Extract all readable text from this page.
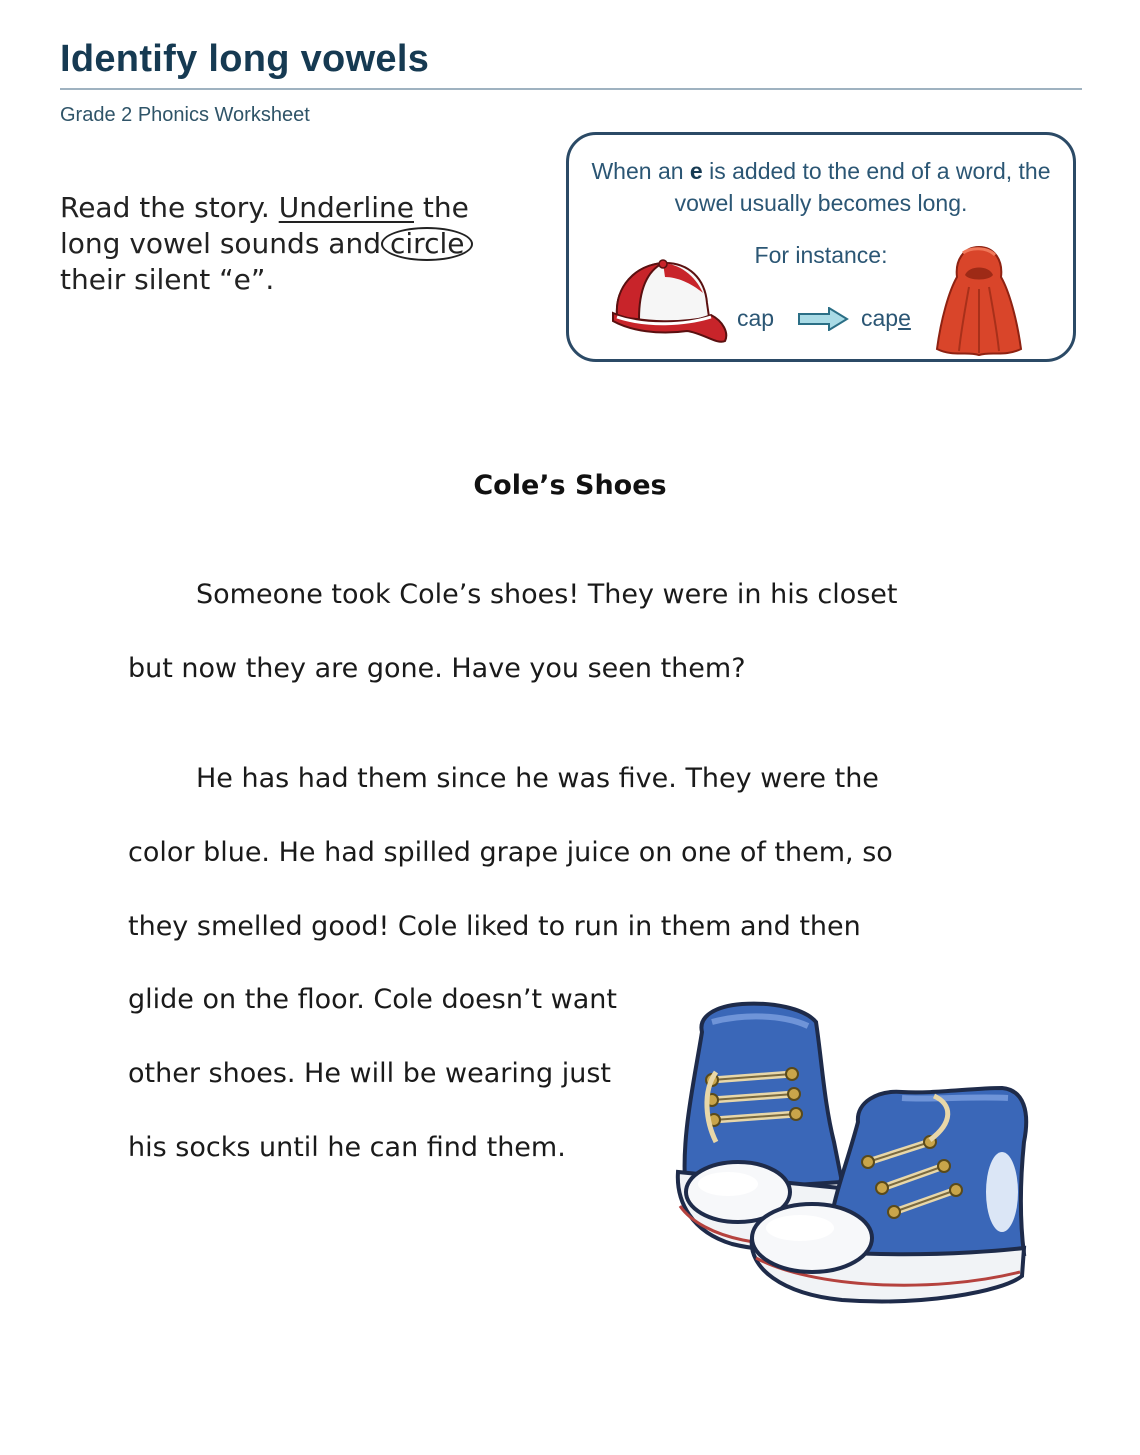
Identify long vowels
Grade 2 Phonics Worksheet
Read the story. Underline the long vowel sounds and circle
their silent “e”.
When an e is added to the end of a word, the vowel usually becomes long.
For instance:
cap	cape
Cole’s Shoes

Someone took Cole’s shoes! They were in his closet

but now they are gone. Have you seen them?

He has had them since he was five. They were the

color blue. He had spilled grape juice on one of them, so

they smelled good! Cole liked to run in them and then

glide on the floor. Cole doesn’t want

other shoes. He will be wearing just

his socks until he can find them.
